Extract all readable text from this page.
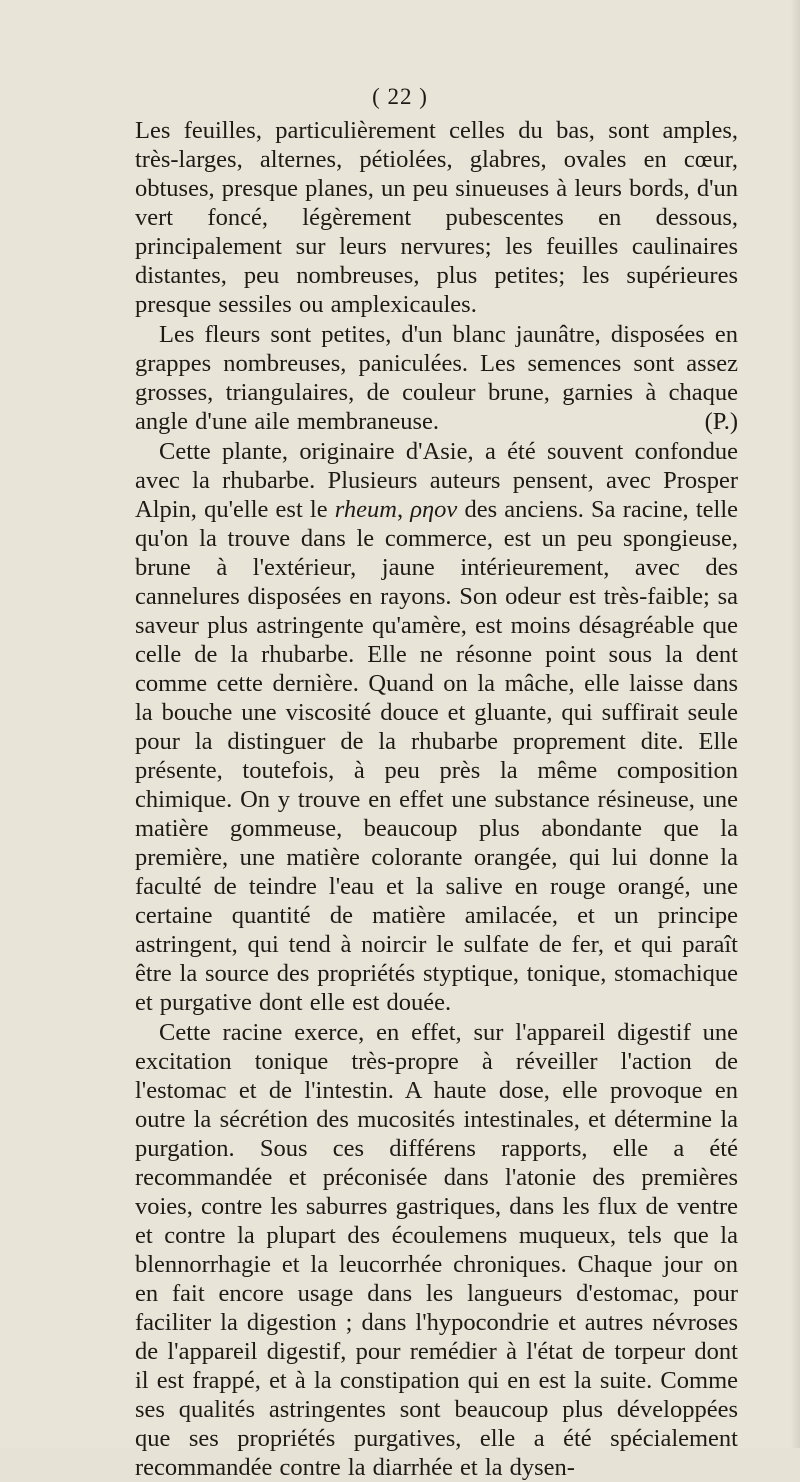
( 22 )

Les feuilles, particulièrement celles du bas, sont amples, très-larges, alternes, pétiolées, glabres, ovales en cœur, obtuses, presque planes, un peu sinueuses à leurs bords, d'un vert foncé, légèrement pubescentes en dessous, principalement sur leurs nervures; les feuilles caulinaires distantes, peu nombreuses, plus petites; les supérieures presque sessiles ou amplexicaules.

Les fleurs sont petites, d'un blanc jaunâtre, disposées en grappes nombreuses, paniculées. Les semences sont assez grosses, triangulaires, de couleur brune, garnies à chaque angle d'une aile membraneuse.	(P.)

Cette plante, originaire d'Asie, a été souvent confondue avec la rhubarbe. Plusieurs auteurs pensent, avec Prosper Alpin, qu'elle est le rheum, ρηον des anciens. Sa racine, telle qu'on la trouve dans le commerce, est un peu spongieuse, brune à l'extérieur, jaune intérieurement, avec des cannelures disposées en rayons. Son odeur est très-faible; sa saveur plus astringente qu'amère, est moins désagréable que celle de la rhubarbe. Elle ne résonne point sous la dent comme cette dernière. Quand on la mâche, elle laisse dans la bouche une viscosité douce et gluante, qui suffirait seule pour la distinguer de la rhubarbe proprement dite. Elle présente, toutefois, à peu près la même composition chimique. On y trouve en effet une substance résineuse, une matière gommeuse, beaucoup plus abondante que la première, une matière colorante orangée, qui lui donne la faculté de teindre l'eau et la salive en rouge orangé, une certaine quantité de matière amilacée, et un principe astringent, qui tend à noircir le sulfate de fer, et qui paraît être la source des propriétés styptique, tonique, stomachique et purgative dont elle est douée.

Cette racine exerce, en effet, sur l'appareil digestif une excitation tonique très-propre à réveiller l'action de l'estomac et de l'intestin. A haute dose, elle provoque en outre la sécrétion des mucosités intestinales, et détermine la purgation. Sous ces différens rapports, elle a été recommandée et préconisée dans l'atonie des premières voies, contre les saburres gastriques, dans les flux de ventre et contre la plupart des écoulemens muqueux, tels que la blennorrhagie et la leucorrhée chroniques. Chaque jour on en fait encore usage dans les langueurs d'estomac, pour faciliter la digestion ; dans l'hypocondrie et autres névroses de l'appareil digestif, pour remédier à l'état de torpeur dont il est frappé, et à la constipation qui en est la suite. Comme ses qualités astringentes sont beaucoup plus développées que ses propriétés purgatives, elle a été spécialement recommandée contre la diarrhée et la dysen-
